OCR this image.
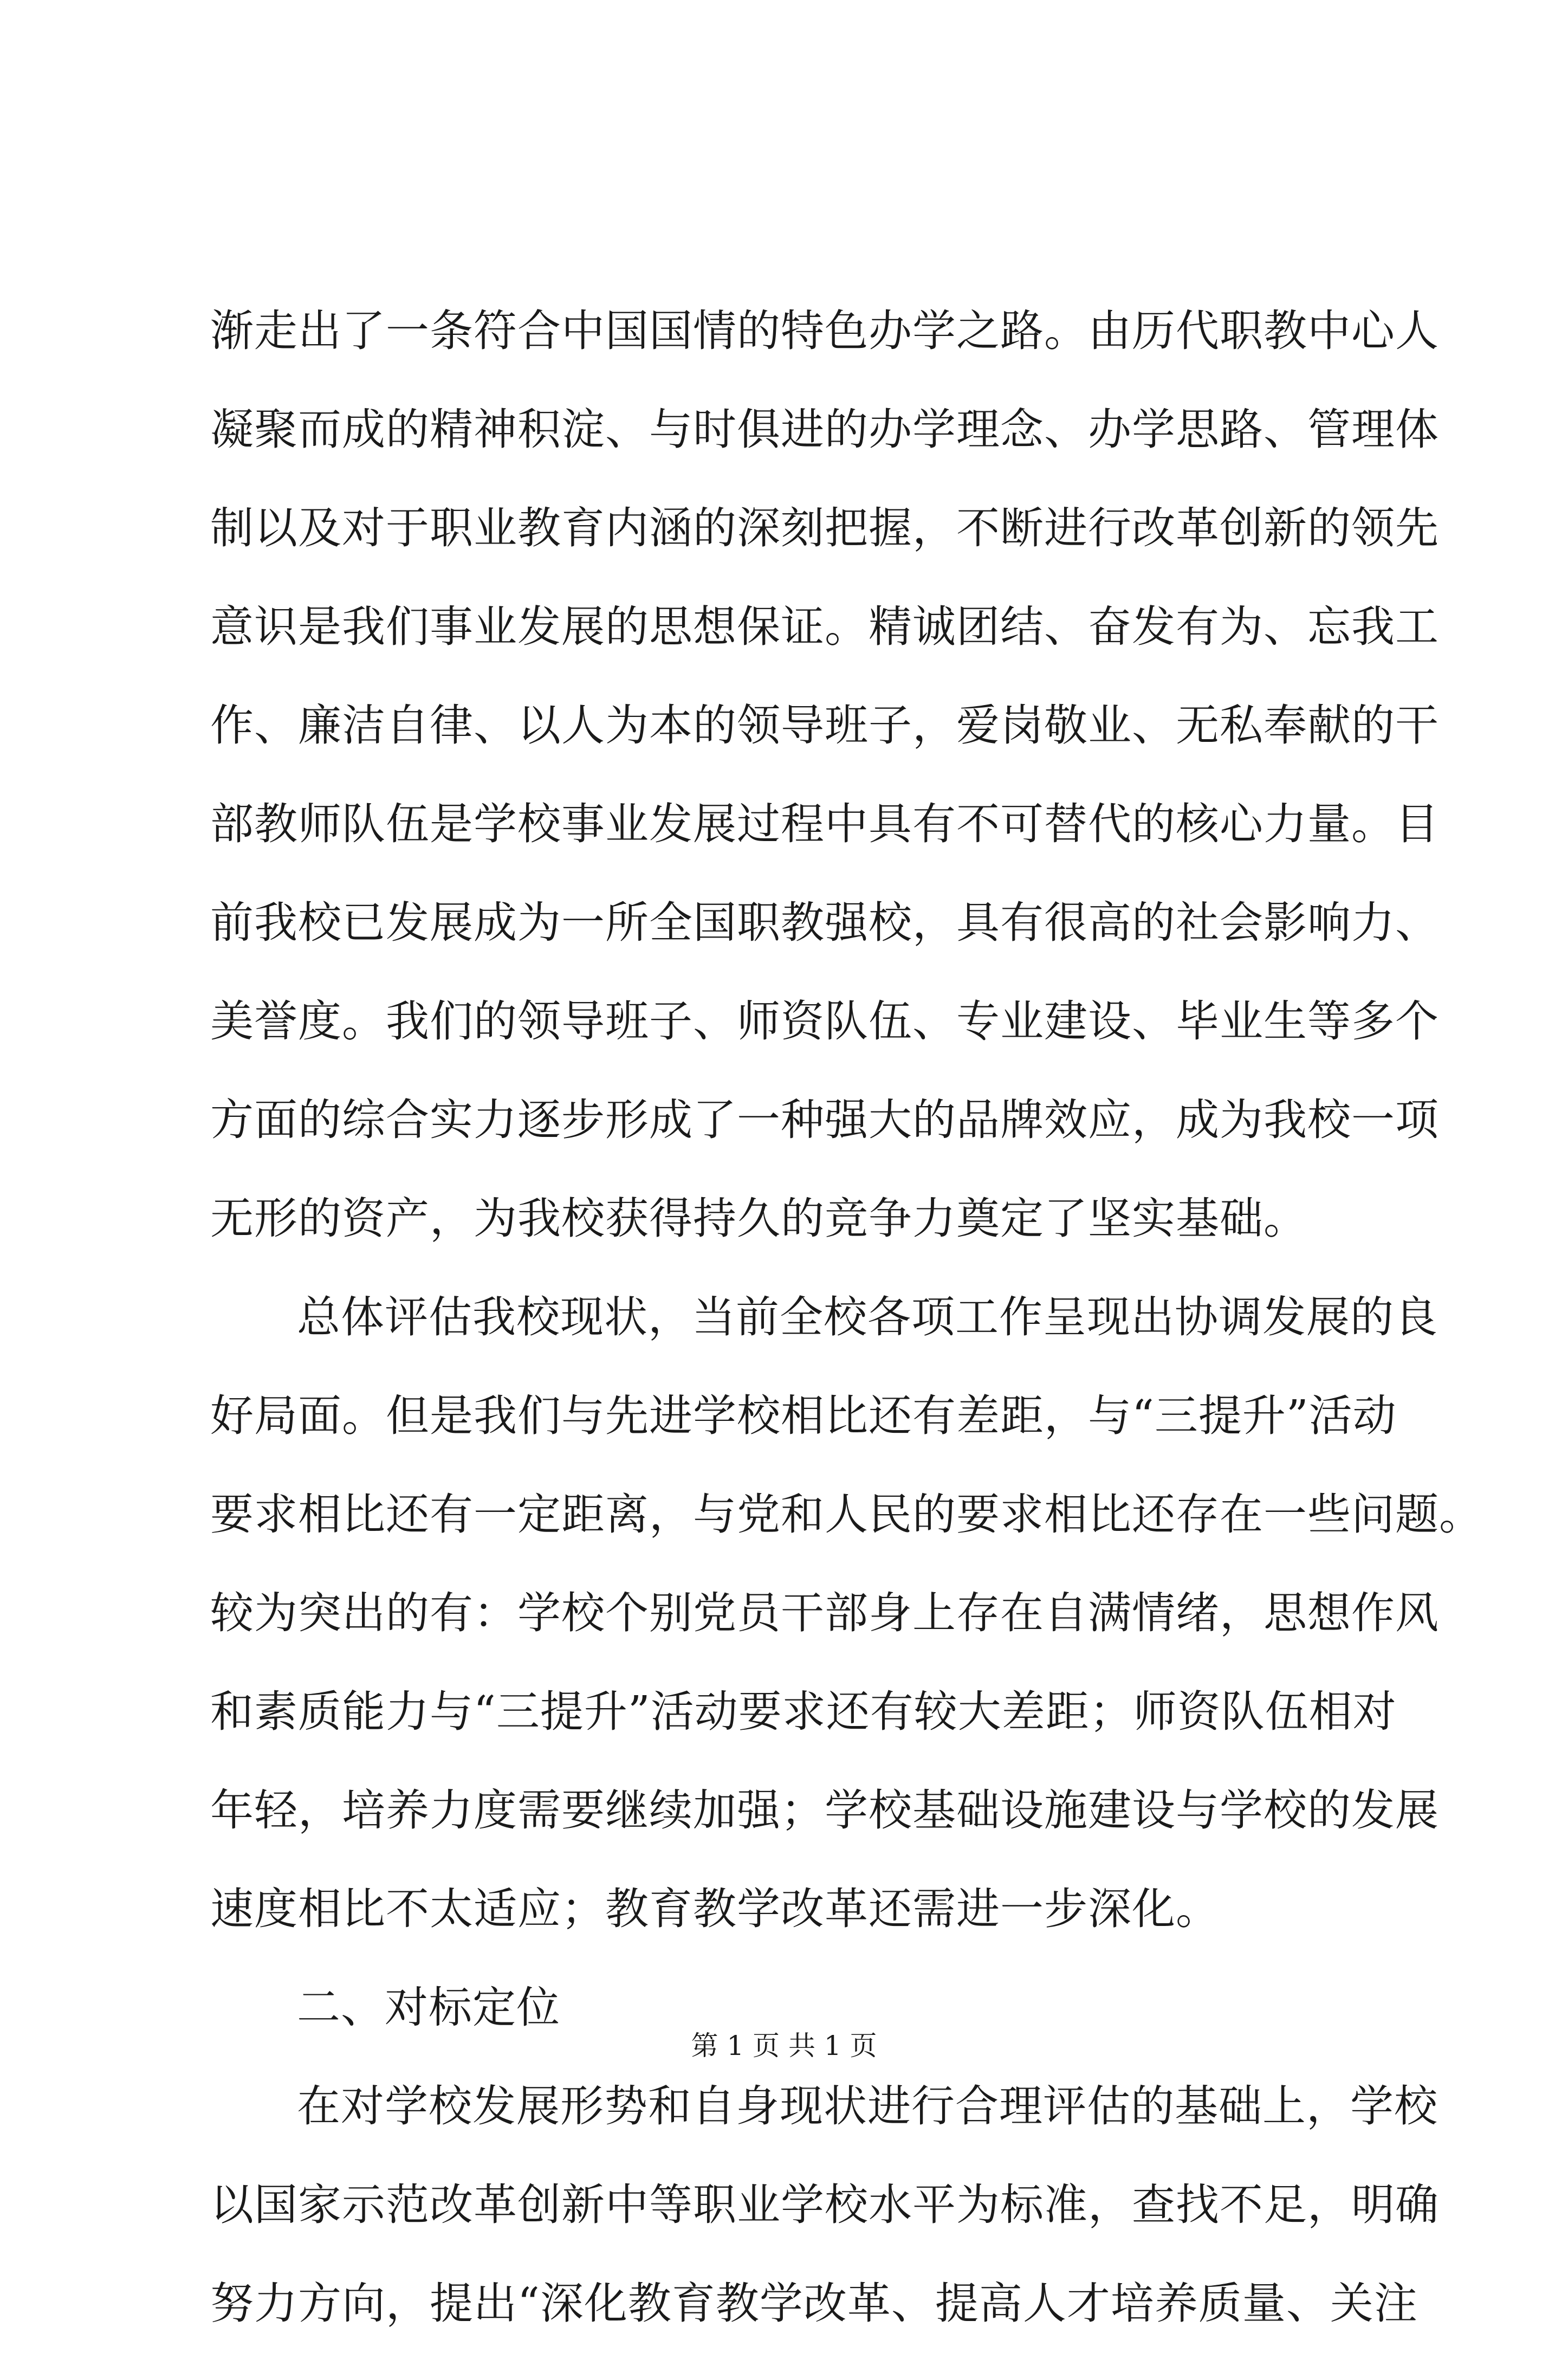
渐走出了一条符合中国国情的特色办学之路。由历代职教中心人
凝聚而成的精神积淀、与时俱进的办学理念、办学思路、管理体
制以及对于职业教育内涵的深刻把握，不断进行改革创新的领先
意识是我们事业发展的思想保证。精诚团结、奋发有为、忘我工
作、廉洁自律、以人为本的领导班子，爱岗敬业、无私奉献的干
部教师队伍是学校事业发展过程中具有不可替代的核心力量。目
前我校已发展成为一所全国职教强校，具有很高的社会影响力、
美誉度。我们的领导班子、师资队伍、专业建设、毕业生等多个
方面的综合实力逐步形成了一种强大的品牌效应，成为我校一项
无形的资产，为我校获得持久的竞争力奠定了坚实基础。
总体评估我校现状，当前全校各项工作呈现出协调发展的良
好局面。但是我们与先进学校相比还有差距，与“三提升”活动
要求相比还有一定距离，与党和人民的要求相比还存在一些问题。
较为突出的有：学校个别党员干部身上存在自满情绪，思想作风
和素质能力与“三提升”活动要求还有较大差距；师资队伍相对
年轻，培养力度需要继续加强；学校基础设施建设与学校的发展
速度相比不太适应；教育教学改革还需进一步深化。
二、对标定位
在对学校发展形势和自身现状进行合理评估的基础上，学校
以国家示范改革创新中等职业学校水平为标准，查找不足，明确
努力方向，提出“深化教育教学改革、提高人才培养质量、关注
第 1 页 共 1 页
